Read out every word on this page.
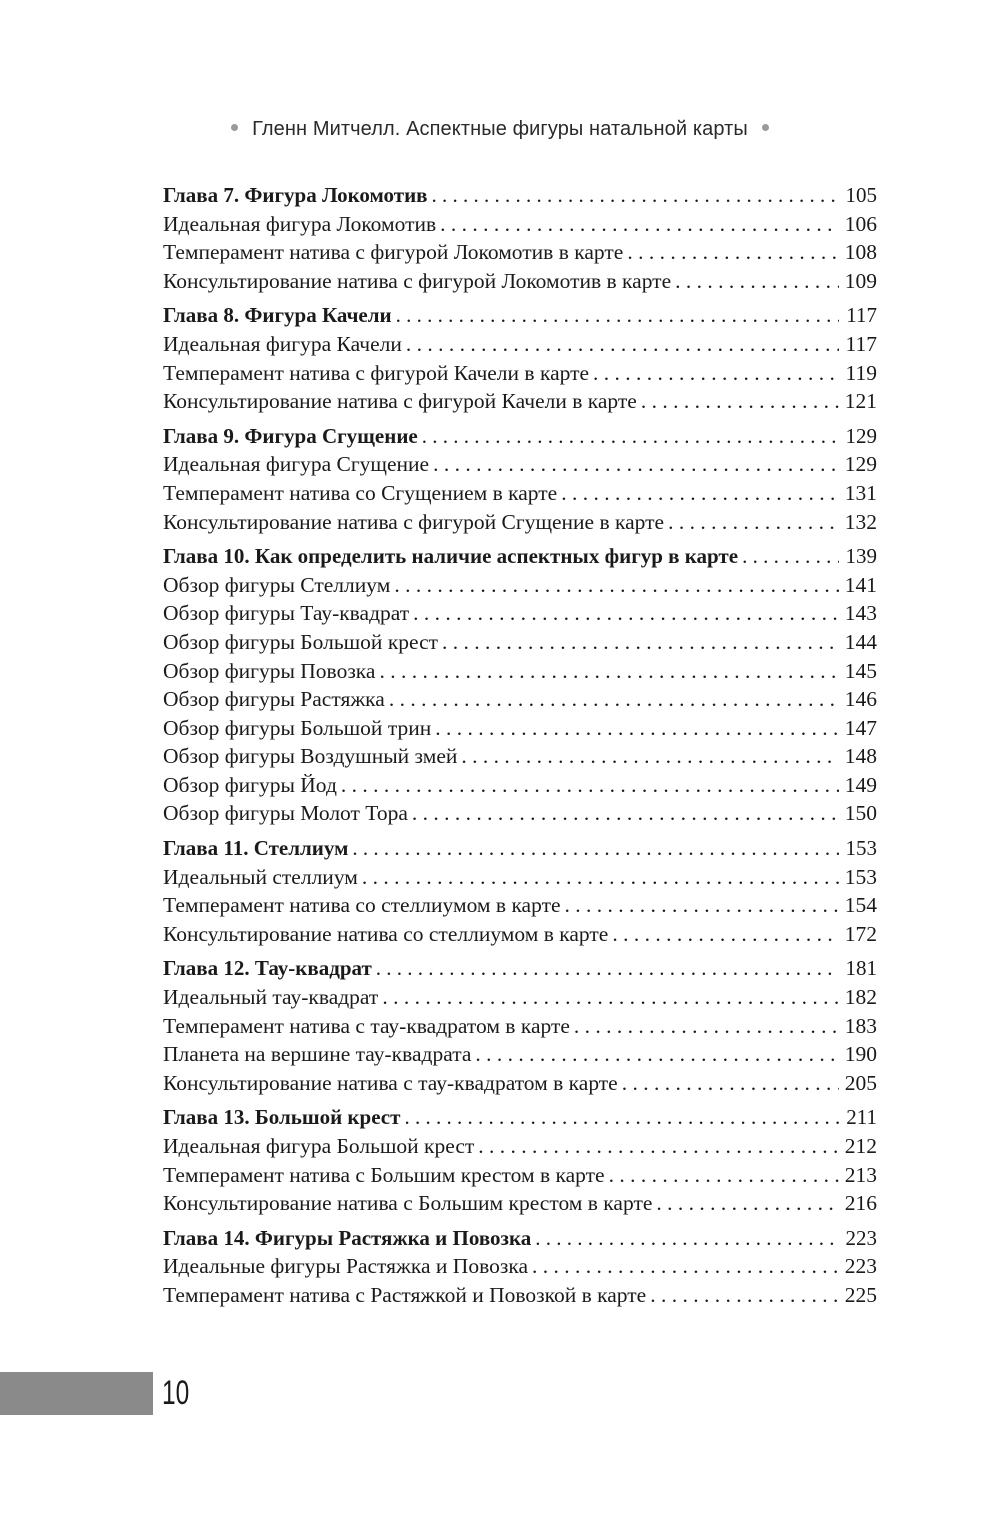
Гленн Митчелл. Аспектные фигуры натальной карты
Глава 7. Фигура Локомотив . . .	105
Идеальная фигура Локомотив . . .	106
Темперамент натива с фигурой Локомотив в карте . . .	108
Консультирование натива с фигурой Локомотив в карте . . .	109
Глава 8. Фигура Качели . . .	117
Идеальная фигура Качели . . .	117
Темперамент натива с фигурой Качели в карте . . .	119
Консультирование натива с фигурой Качели в карте . . .	121
Глава 9. Фигура Сгущение . . .	129
Идеальная фигура Сгущение . . .	129
Темперамент натива со Сгущением в карте . . .	131
Консультирование натива с фигурой Сгущение в карте . . .	132
Глава 10. Как определить наличие аспектных фигур в карте . . .	139
Обзор фигуры Стеллиум . . .	141
Обзор фигуры Тау-квадрат . . .	143
Обзор фигуры Большой крест . . .	144
Обзор фигуры Повозка . . .	145
Обзор фигуры Растяжка . . .	146
Обзор фигуры Большой трин . . .	147
Обзор фигуры Воздушный змей . . .	148
Обзор фигуры Йод . . .	149
Обзор фигуры Молот Тора . . .	150
Глава 11. Стеллиум . . .	153
Идеальный стеллиум . . .	153
Темперамент натива со стеллиумом в карте . . .	154
Консультирование натива со стеллиумом в карте . . .	172
Глава 12. Тау-квадрат . . .	181
Идеальный тау-квадрат . . .	182
Темперамент натива с тау-квадратом в карте . . .	183
Планета на вершине тау-квадрата . . .	190
Консультирование натива с тау-квадратом в карте . . .	205
Глава 13. Большой крест . . .	211
Идеальная фигура Большой крест . . .	212
Темперамент натива с Большим крестом в карте . . .	213
Консультирование натива с Большим крестом в карте . . .	216
Глава 14. Фигуры Растяжка и Повозка . . .	223
Идеальные фигуры Растяжка и Повозка . . .	223
Темперамент натива с Растяжкой и Повозкой в карте . . .	225
10
